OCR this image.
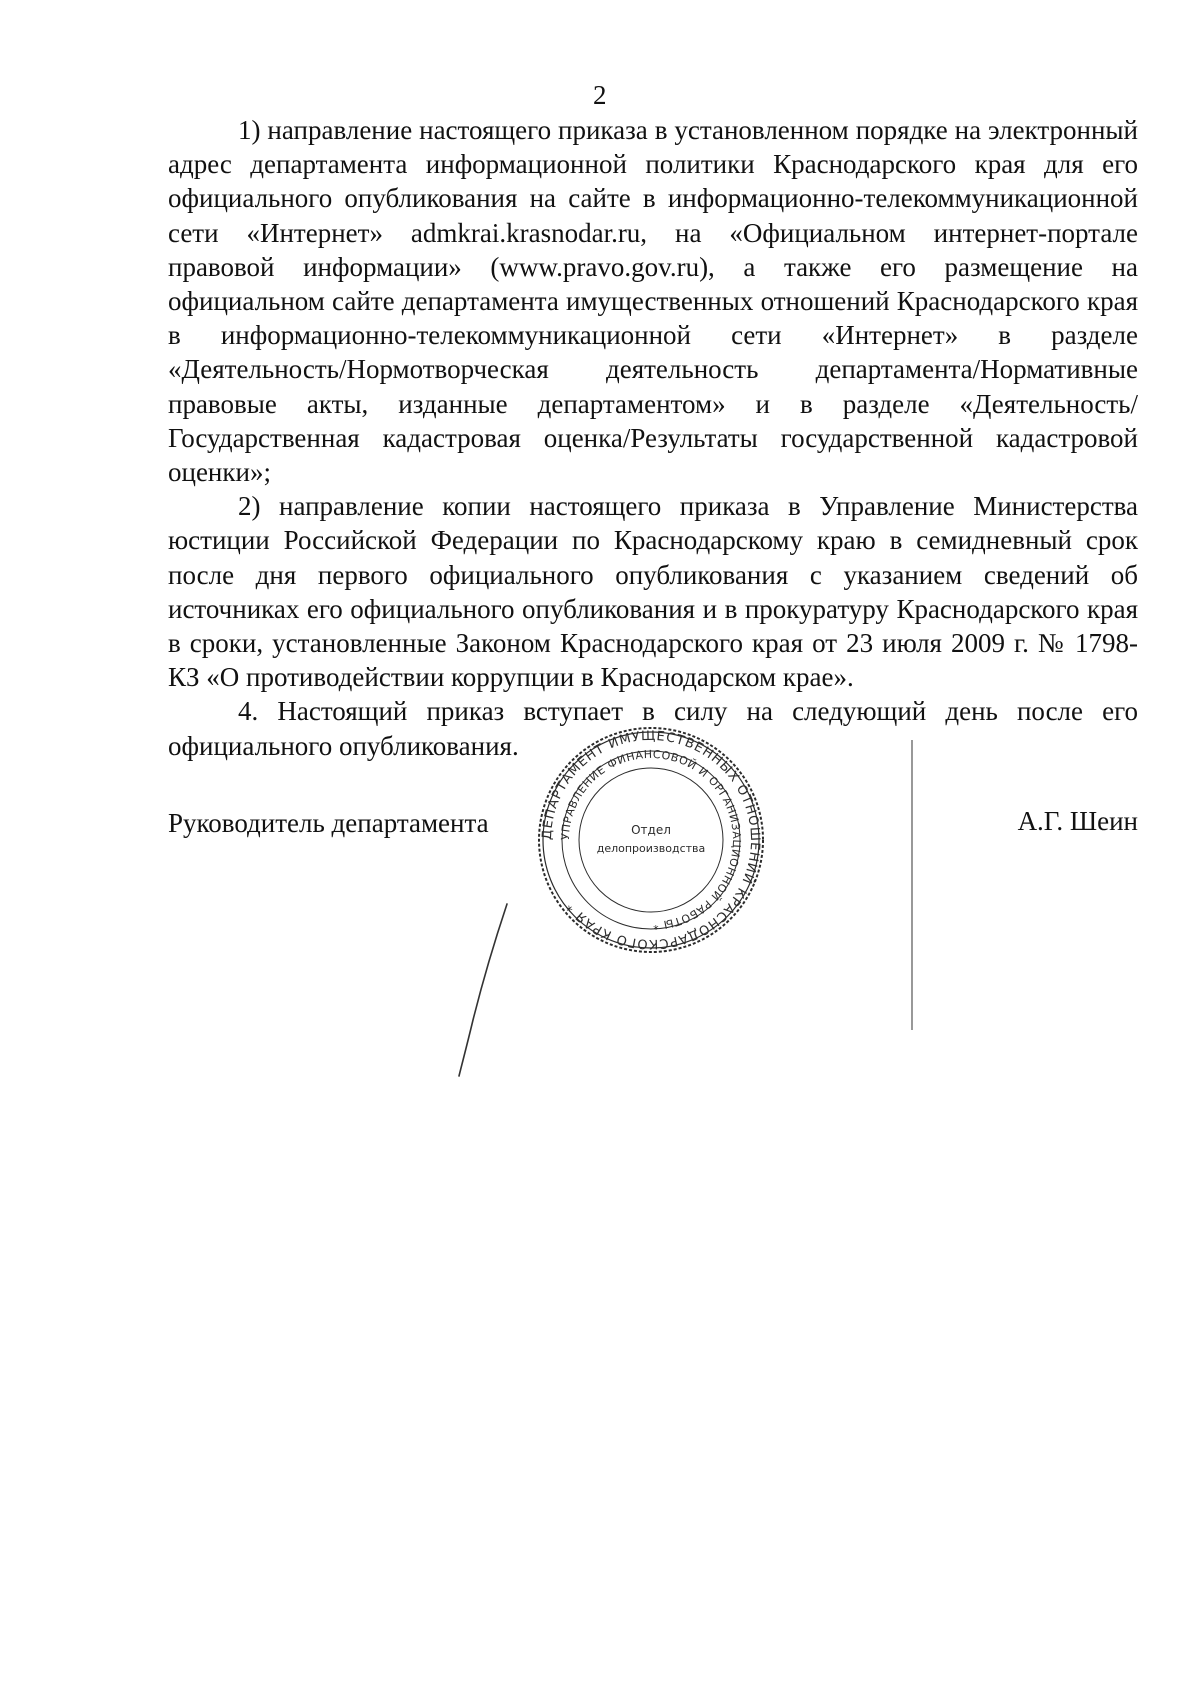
2

1) направление настоящего приказа в установленном порядке на электронный адрес департамента информационной политики Краснодарского края для его официального опубликования на сайте в информационно-телекоммуникационной сети «Интернет» admkrai.krasnodar.ru, на «Официальном интернет-портале правовой информации» (www.pravo.gov.ru), а также его размещение на официальном сайте департамента имущественных отношений Краснодарского края в информационно-телекоммуникационной сети «Интернет» в разделе «Деятельность/Нормотворческая деятельность департамента/Нормативные правовые акты, изданные департаментом» и в разделе «Деятельность/Государственная кадастровая оценка/Результаты государственной кадастровой оценки»;

2) направление копии настоящего приказа в Управление Министерства юстиции Российской Федерации по Краснодарскому краю в семидневный срок после дня первого официального опубликования с указанием сведений об источниках его официального опубликования и в прокуратуру Краснодарского края в сроки, установленные Законом Краснодарского края от 23 июля 2009 г. № 1798-КЗ «О противодействии коррупции в Краснодарском крае».

4. Настоящий приказ вступает в силу на следующий день после его официального опубликования.

Руководитель департамента	А.Г. Шеин
ДЕПАРТАМЕНТ ИМУЩЕСТВЕННЫХ ОТНОШЕНИЙ КРАСНОДАРСКОГО КРАЯ *
УПРАВЛЕНИЕ ФИНАНСОВОЙ И ОРГАНИЗАЦИОННОЙ РАБОТЫ *
Отдел
делопроизводства
